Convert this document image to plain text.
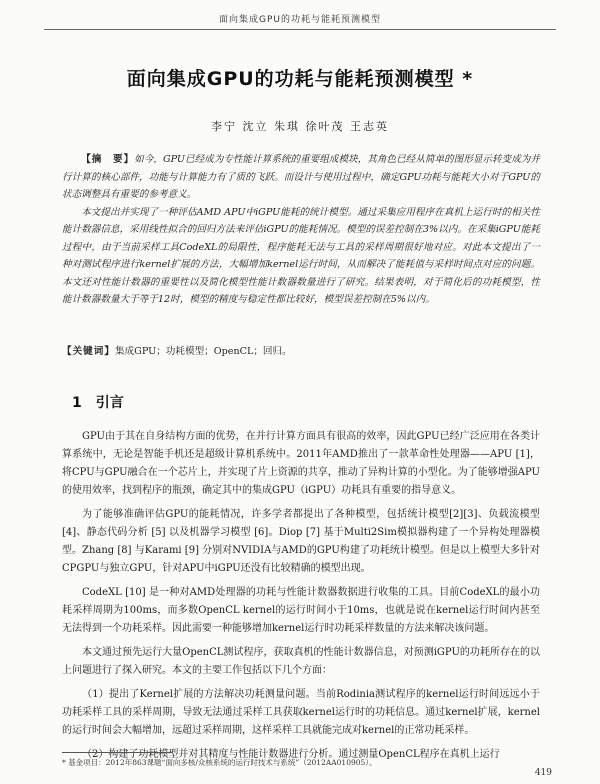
面向集成GPU的功耗与能耗预测模型
面向集成GPU的功耗与能耗预测模型 *
李宁 沈立 朱琪 徐叶茂 王志英

【摘　要】如今，GPU已经成为专性能计算系统的重要组成模块，其角色已经从简单的图形显示转变成为并行计算的核心部件，功能与计算能力有了质的飞跃。而设计与使用过程中，确定GPU功耗与能耗大小对于GPU的状态调整具有重要的参考意义。

本文提出并实现了一种评估AMD APU中iGPU能耗的统计模型。通过采集应用程序在真机上运行时的相关性能计数器信息，采用线性拟合的回归方法来评估iGPU的能耗情况。模型的误差控制在3%以内。在采集iGPU能耗过程中，由于当前采样工具CodeXL的局限性，程序能耗无法与工具的采样周期很好地对应。对此本文提出了一种对测试程序进行kernel扩展的方法，大幅增加kernel运行时间，从而解决了能耗值与采样时间点对应的问题。本文还对性能计数器的重要性以及简化模型性能计数器数量进行了研究。结果表明，对于简化后的功耗模型，性能计数器数量大于等于12时，模型的精度与稳定性都比较好，模型误差控制在5%以内。

【关键词】集成GPU；功耗模型；OpenCL；回归。
1 引言

GPU由于其在自身结构方面的优势，在并行计算方面具有很高的效率，因此GPU已经广泛应用在各类计算系统中，无论是智能手机还是超级计算机系统中。2011年AMD推出了一款革命性处理器——APU [1]，将CPU与GPU融合在一个芯片上，并实现了片上资源的共享，推动了异构计算的小型化。为了能够增强APU的使用效率，找到程序的瓶颈，确定其中的集成GPU（iGPU）功耗具有重要的指导意义。

为了能够准确评估GPU的能耗情况，许多学者都提出了各种模型，包括统计模型[2][3]、负载流模型 [4]、静态代码分析 [5] 以及机器学习模型 [6]。Diop [7] 基于Multi2Sim模拟器构建了一个异构处理器模型。Zhang [8] 与Karami [9] 分别对NVIDIA与AMD的GPU构建了功耗统计模型。但是以上模型大多针对CPGPU与独立GPU，针对APU中iGPU还没有比较精确的模型出现。

CodeXL [10] 是一种对AMD处理器的功耗与性能计数器数据进行收集的工具。目前CodeXL的最小功耗采样周期为100ms，而多数OpenCL kernel的运行时间小于10ms，也就是说在kernel运行时间内甚至无法得到一个功耗采样。因此需要一种能够增加kernel运行时功耗采样数量的方法来解决该问题。

本文通过预先运行大量OpenCL测试程序，获取真机的性能计数器信息，对预测iGPU的功耗所存在的以上问题进行了探入研究。本文的主要工作包括以下几个方面：

（1）提出了Kernel扩展的方法解决功耗测量问题。当前Rodinia测试程序的kernel运行时间远远小于功耗采样工具的采样周期，导致无法通过采样工具获取kernel运行时的功耗信息。通过kernel扩展，kernel的运行时间会大幅增加，远超过采样周期，这样采样工具就能完成对kernel的正常功耗采样。

（2）构建了功耗模型并对其精度与性能计数器进行分析。通过测量OpenCL程序在真机上运行

* 基金项目：2012年863课题“面向多核/众核系统的运行时技术与系统”（2012AA010905）。
419
